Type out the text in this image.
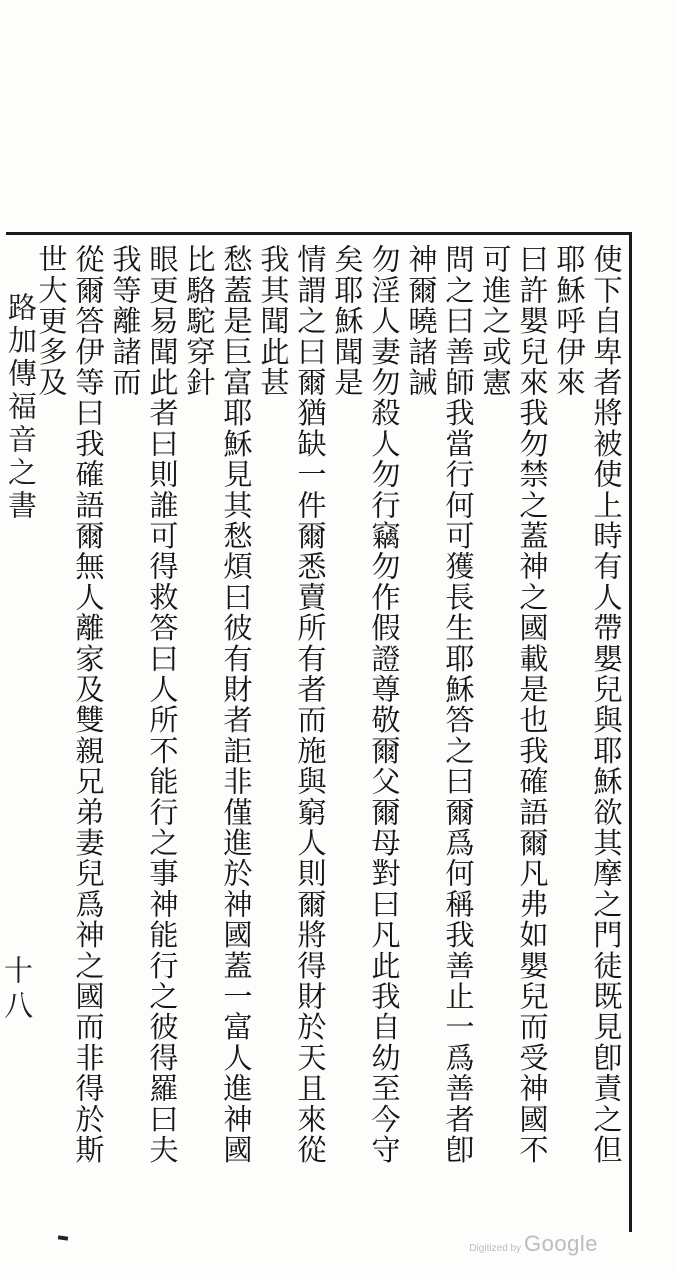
使下自卑者將被使上時有人帶嬰兒與耶穌欲其摩之門徒既見卽責之但耶穌呼伊來

曰許嬰兒來我勿禁之蓋神之國載是也我確語爾凡弗如嬰兒而受神國不可進之或憲

問之曰善師我當行何可獲長生耶穌答之曰爾爲何稱我善止一爲善者卽神爾曉諸誡

勿淫人妻勿殺人勿行竊勿作假證尊敬爾父爾母對曰凡此我自幼至今守矣耶穌聞是

情謂之曰爾猶缺一件爾悉賣所有者而施與窮人則爾將得財於天且來從我其聞此甚

愁蓋是巨富耶穌見其愁煩曰彼有財者詎非僅進於神國蓋一富人進神國比駱駝穿針

眼更易聞此者曰則誰可得救答曰人所不能行之事神能行之彼得羅曰夫我等離諸而

從爾答伊等曰我確語爾無人離家及雙親兄弟妻兒爲神之國而非得於斯世大更多及

路加傳福音之書
十八
Digitized by Google
